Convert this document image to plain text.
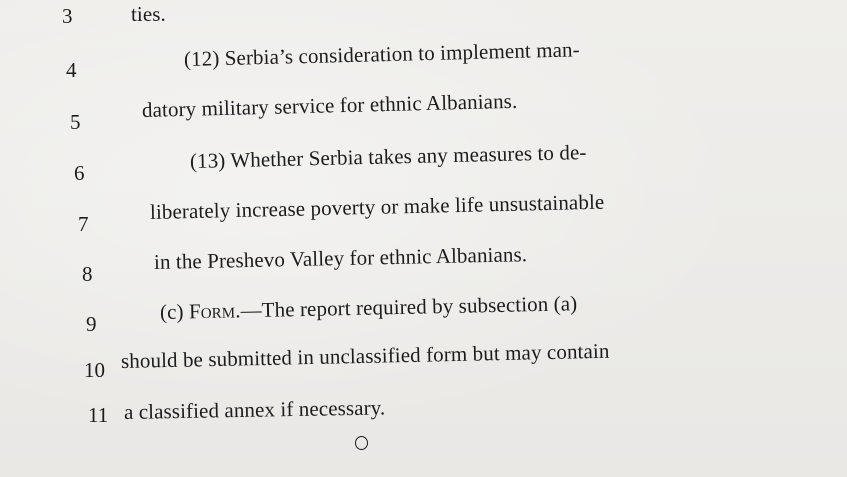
3	ties.
4	(12) Serbia’s consideration to implement man-
5
datory military service for ethnic Albanians.
6
(13) Whether Serbia takes any measures to de-
7
liberately increase poverty or make life unsustainable
8
in the Preshevo Valley for ethnic Albanians.
9
(c) Form.—The report required by subsection (a)
10 should be submitted in unclassified form but may contain
11 a classified annex if necessary.
